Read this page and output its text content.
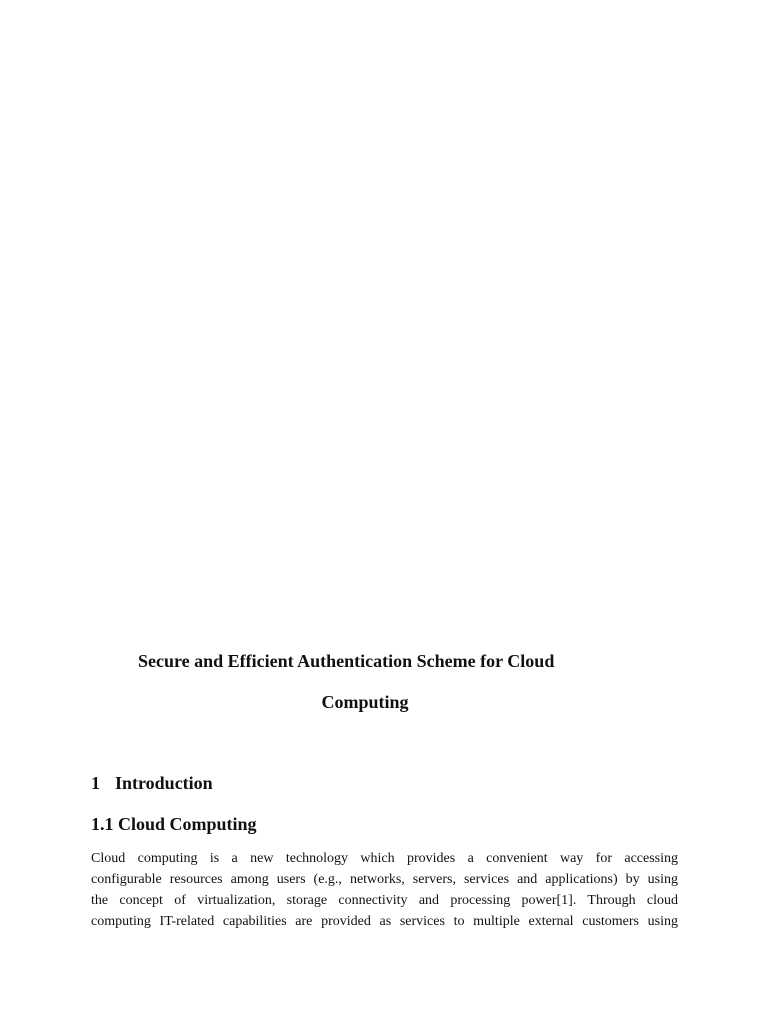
Secure and Efficient Authentication Scheme for Cloud
Computing
1 Introduction
1.1 Cloud Computing
Cloud computing is a new technology which provides a convenient way for accessing
configurable resources among users (e.g., networks, servers, services and applications) by using
the concept of virtualization, storage connectivity and processing power[1]. Through cloud
computing IT-related capabilities are provided as services to multiple external customers using
